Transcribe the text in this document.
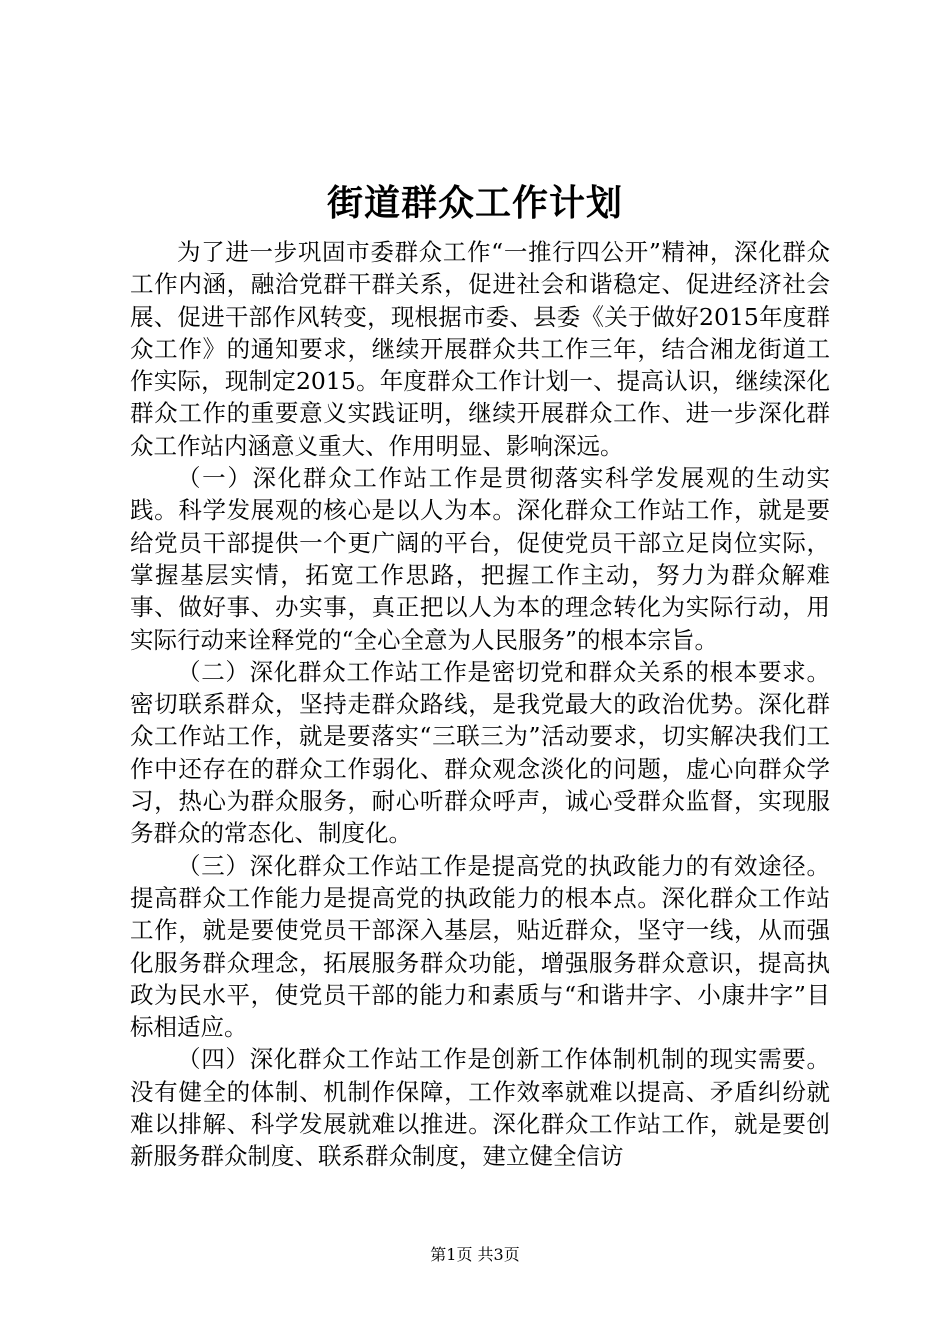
街道群众工作计划

为了进一步巩固市委群众工作“一推行四公开”精神，深化群众工作内涵，融洽党群干群关系，促进社会和谐稳定、促进经济社会展、促进干部作风转变，现根据市委、县委《关于做好2015年度群众工作》的通知要求，继续开展群众共工作三年，结合湘龙街道工作实际，现制定2015。年度群众工作计划一、提高认识，继续深化群众工作的重要意义实践证明，继续开展群众工作、进一步深化群众工作站内涵意义重大、作用明显、影响深远。

（一）深化群众工作站工作是贯彻落实科学发展观的生动实践。科学发展观的核心是以人为本。深化群众工作站工作，就是要给党员干部提供一个更广阔的平台，促使党员干部立足岗位实际，掌握基层实情，拓宽工作思路，把握工作主动，努力为群众解难事、做好事、办实事，真正把以人为本的理念转化为实际行动，用实际行动来诠释党的“全心全意为人民服务”的根本宗旨。

（二）深化群众工作站工作是密切党和群众关系的根本要求。密切联系群众，坚持走群众路线，是我党最大的政治优势。深化群众工作站工作，就是要落实“三联三为”活动要求，切实解决我们工作中还存在的群众工作弱化、群众观念淡化的问题，虚心向群众学习，热心为群众服务，耐心听群众呼声，诚心受群众监督，实现服务群众的常态化、制度化。

（三）深化群众工作站工作是提高党的执政能力的有效途径。提高群众工作能力是提高党的执政能力的根本点。深化群众工作站工作，就是要使党员干部深入基层，贴近群众，坚守一线，从而强化服务群众理念，拓展服务群众功能，增强服务群众意识，提高执政为民水平，使党员干部的能力和素质与“和谐井字、小康井字”目标相适应。

（四）深化群众工作站工作是创新工作体制机制的现实需要。没有健全的体制、机制作保障，工作效率就难以提高、矛盾纠纷就难以排解、科学发展就难以推进。深化群众工作站工作，就是要创新服务群众制度、联系群众制度，建立健全信访

第1页 共3页
